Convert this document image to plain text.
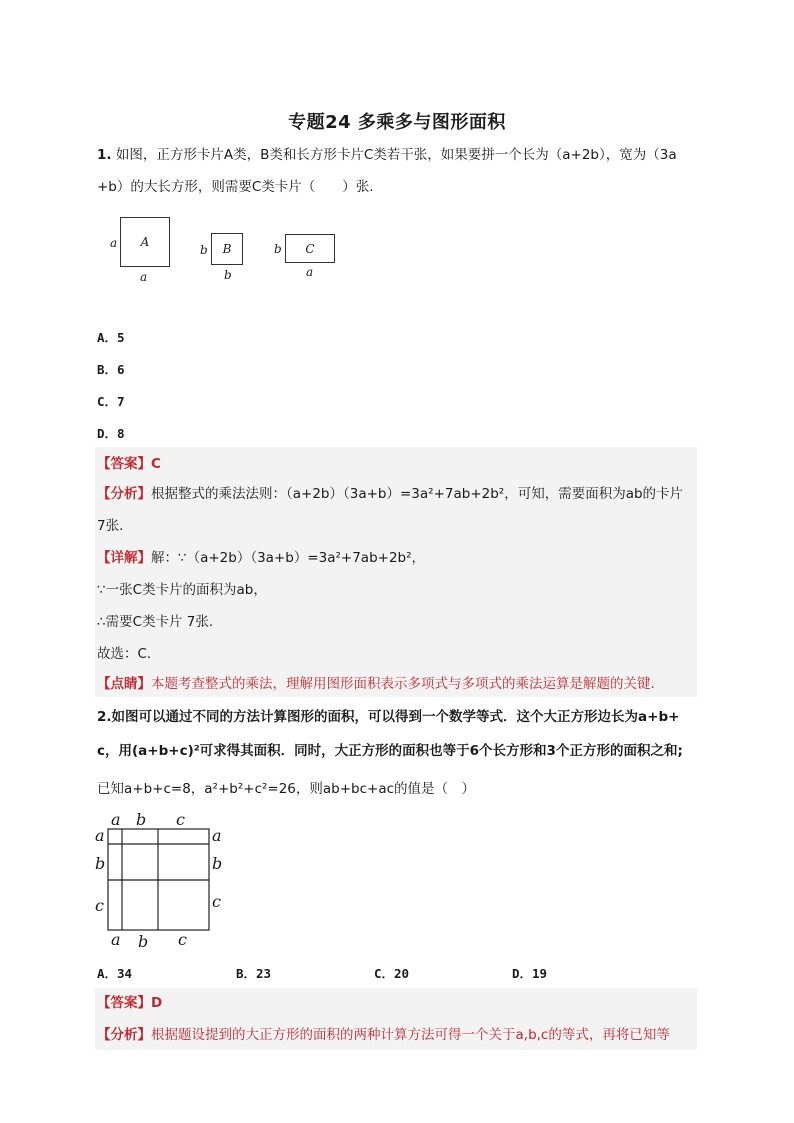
专题24 多乘多与图形面积
1. 如图，正方形卡片A类，B类和长方形卡片C类若干张，如果要拼一个长为（a+2b），宽为（3a
+b）的大长方形，则需要C类卡片（　　）张.
a	A
a
b	B
b
b	C
a
A．5
B．6
C．7
D．8
【答案】C
【分析】根据整式的乘法法则：（a+2b）（3a+b）=3a²+7ab+2b²，可知，需要面积为ab的卡片
7张.
【详解】解：∵（a+2b）（3a+b）=3a²+7ab+2b²，
∵一张C类卡片的面积为ab，
∴需要C类卡片 7张.
故选：C.
【点睛】本题考查整式的乘法，理解用图形面积表示多项式与多项式的乘法运算是解题的关键.
2.如图可以通过不同的方法计算图形的面积，可以得到一个数学等式．这个大正方形边长为a+b+
c，用(a+b+c)²可求得其面积．同时，大正方形的面积也等于6个长方形和3个正方形的面积之和;
已知a+b+c=8，a²+b²+c²=26，则ab+bc+ac的值是（　）
a b c
a
b
c
a
b
c
a b c
A．34	B．23	C．20	D．19
【答案】D
【分析】根据题设提到的大正方形的面积的两种计算方法可得一个关于a,b,c的等式，再将已知等
